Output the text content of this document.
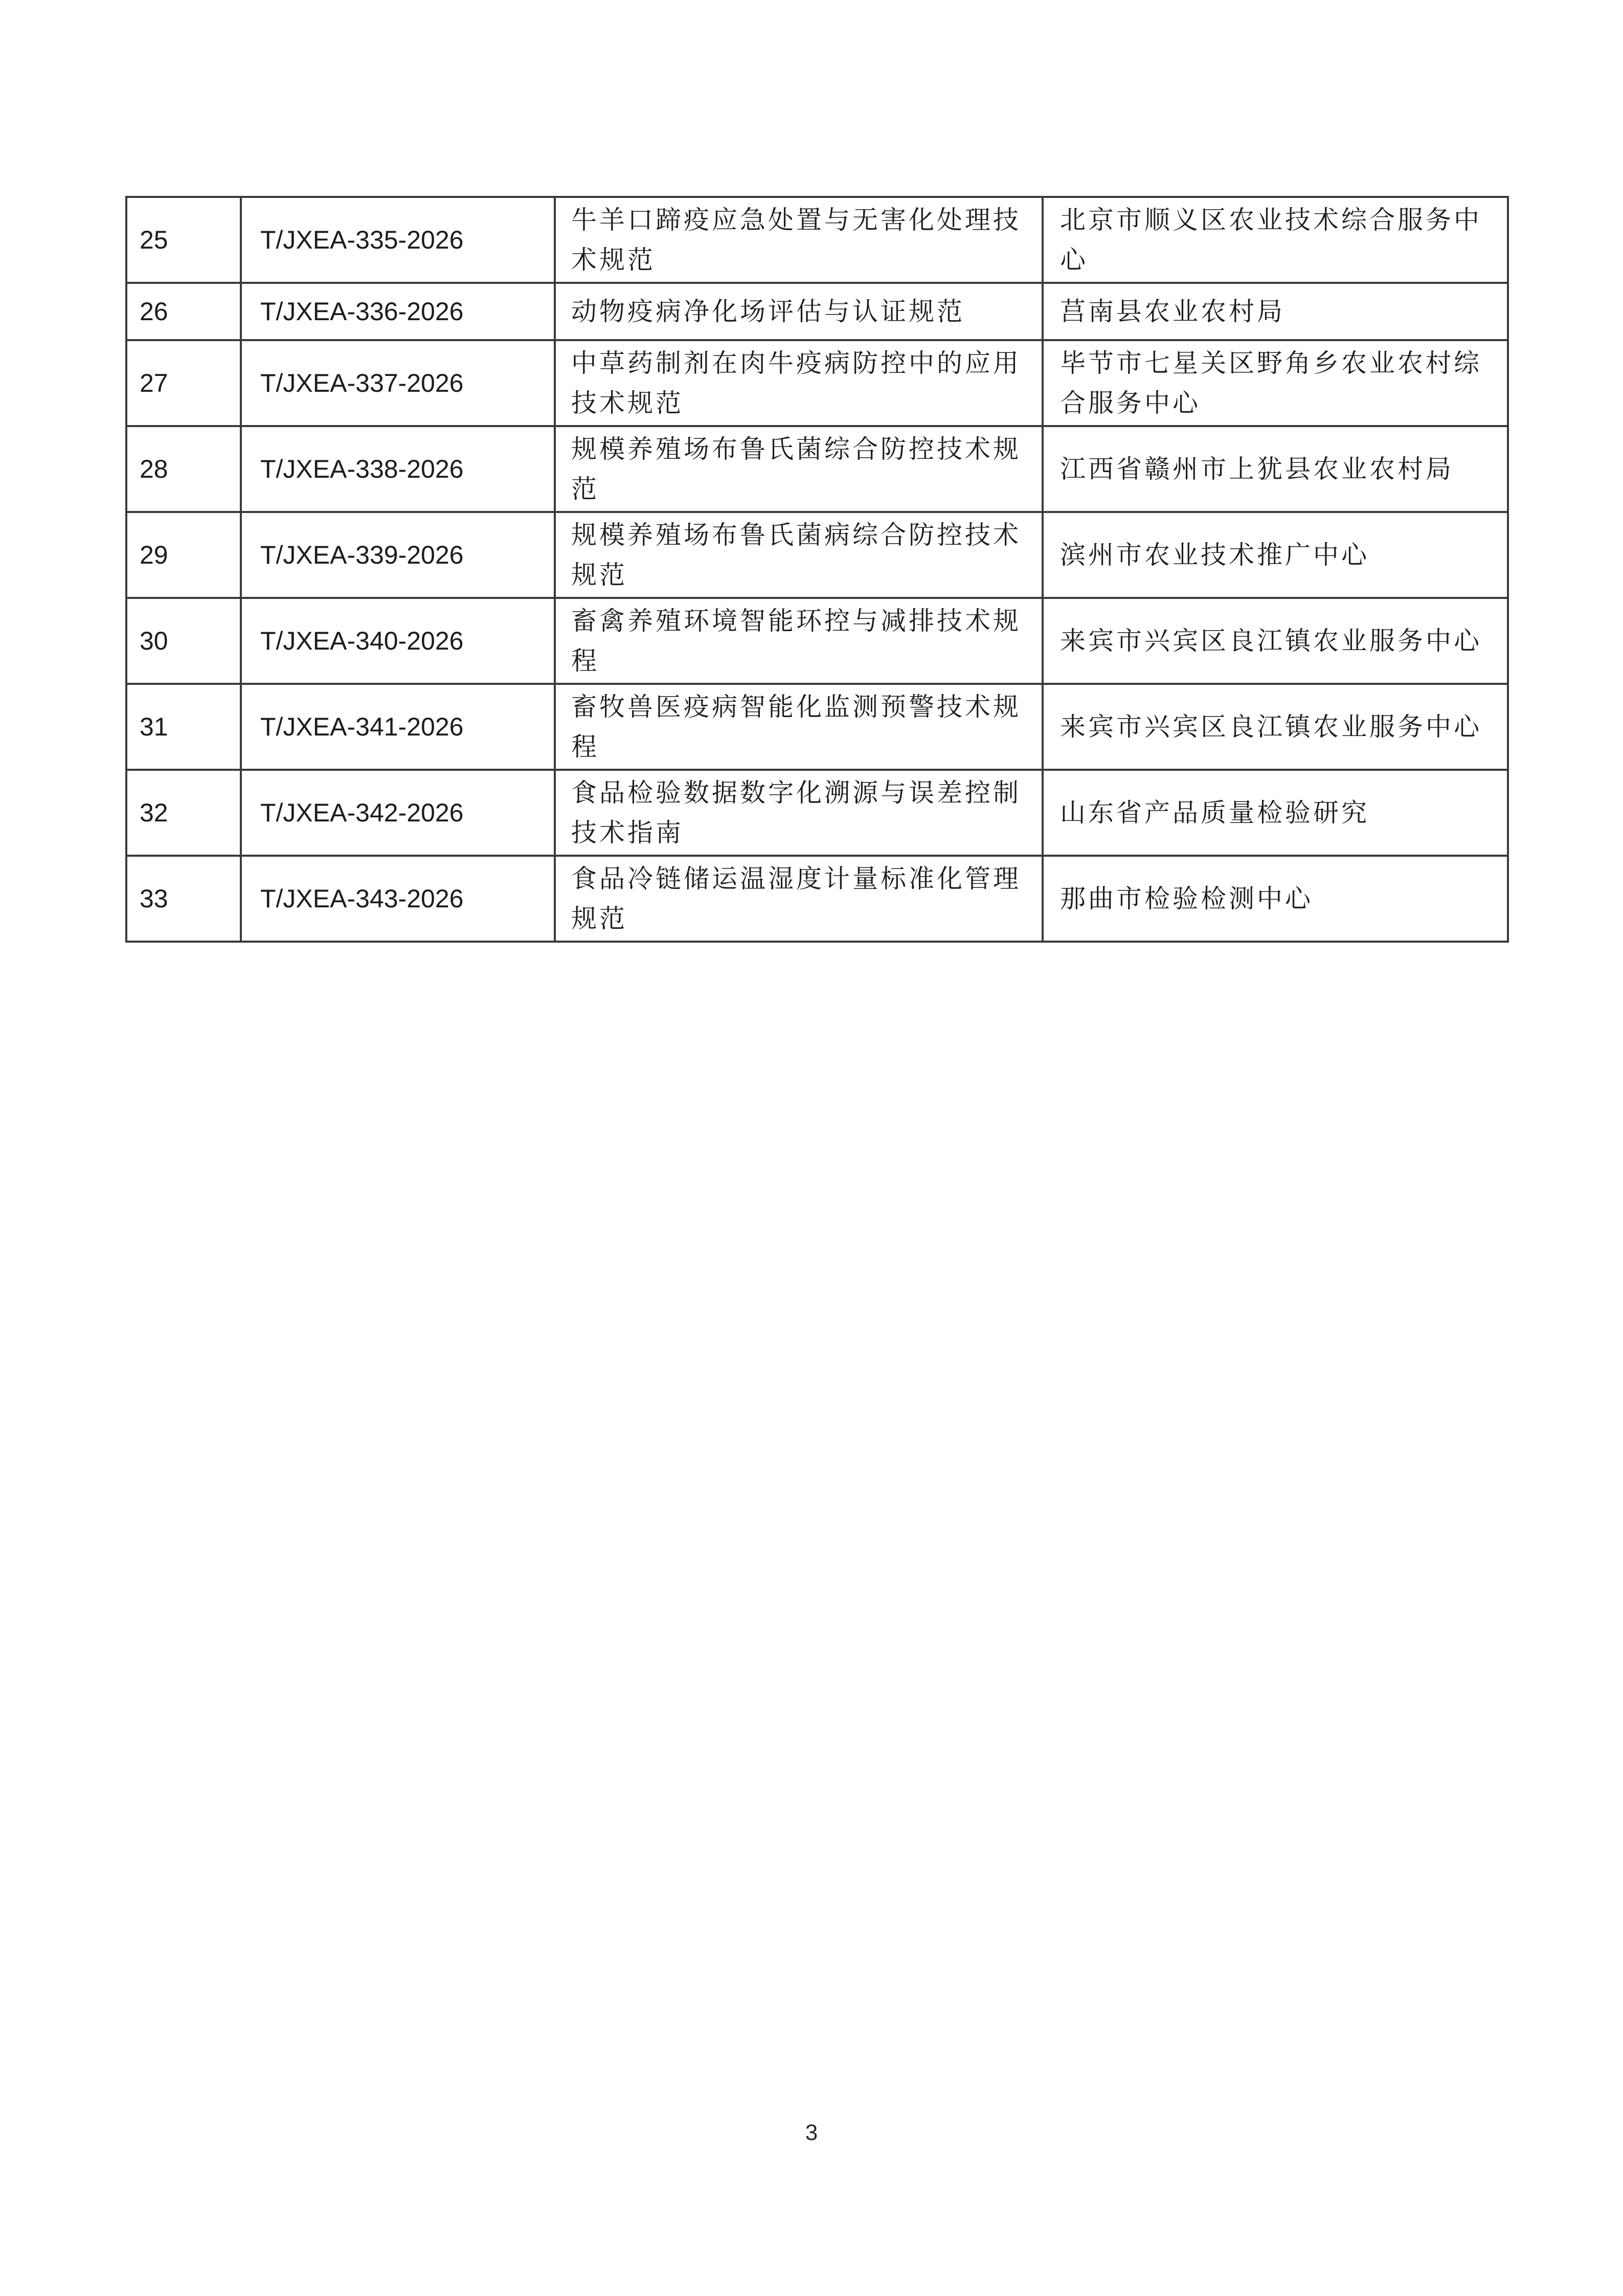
25	T/JXEA-335-2026	牛羊口蹄疫应急处置与无害化处理技术规范	北京市顺义区农业技术综合服务中心

26	T/JXEA-336-2026	动物疫病净化场评估与认证规范	莒南县农业农村局

27	T/JXEA-337-2026	中草药制剂在肉牛疫病防控中的应用技术规范	毕节市七星关区野角乡农业农村综合服务中心

28	T/JXEA-338-2026	规模养殖场布鲁氏菌综合防控技术规范	江西省赣州市上犹县农业农村局

29	T/JXEA-339-2026	规模养殖场布鲁氏菌病综合防控技术规范	滨州市农业技术推广中心

30	T/JXEA-340-2026	畜禽养殖环境智能环控与减排技术规程	来宾市兴宾区良江镇农业服务中心

31	T/JXEA-341-2026	畜牧兽医疫病智能化监测预警技术规程	来宾市兴宾区良江镇农业服务中心

32	T/JXEA-342-2026	食品检验数据数字化溯源与误差控制技术指南	山东省产品质量检验研究

33	T/JXEA-343-2026	食品冷链储运温湿度计量标准化管理规范	那曲市检验检测中心
3
